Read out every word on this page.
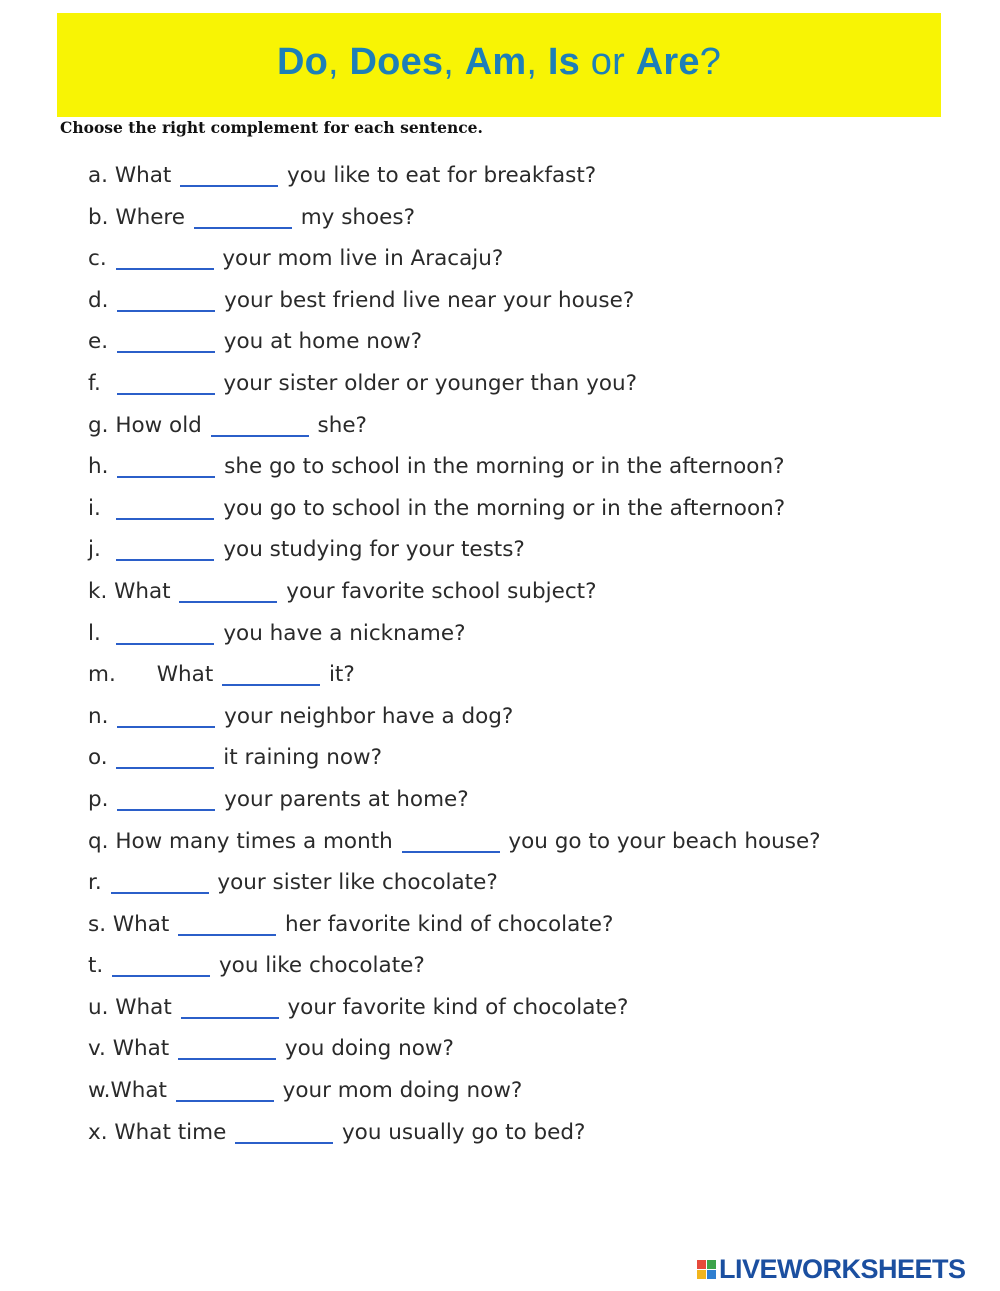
Do, Does, Am, Is or Are?
Choose the right complement for each sentence.
a. What	you like to eat for breakfast?
b. Where	my shoes?
c.	your mom live in Aracaju?
d.	your best friend live near your house?
e.	you at home now?
f.	your sister older or younger than you?
g. How old	she?
h.	she go to school in the morning or in the afternoon?
i.	you go to school in the morning or in the afternoon?
j.	you studying for your tests?
k. What	your favorite school subject?
l.	you have a nickname?
m.      What	it?
n.	your neighbor have a dog?
o.	it raining now?
p.	your parents at home?
q. How many times a month	you go to your beach house?
r.	your sister like chocolate?
s. What	her favorite kind of chocolate?
t.	you like chocolate?
u. What	your favorite kind of chocolate?
v. What	you doing now?
w.What	your mom doing now?
x. What time	you usually go to bed?
LIVEWORKSHEETS
